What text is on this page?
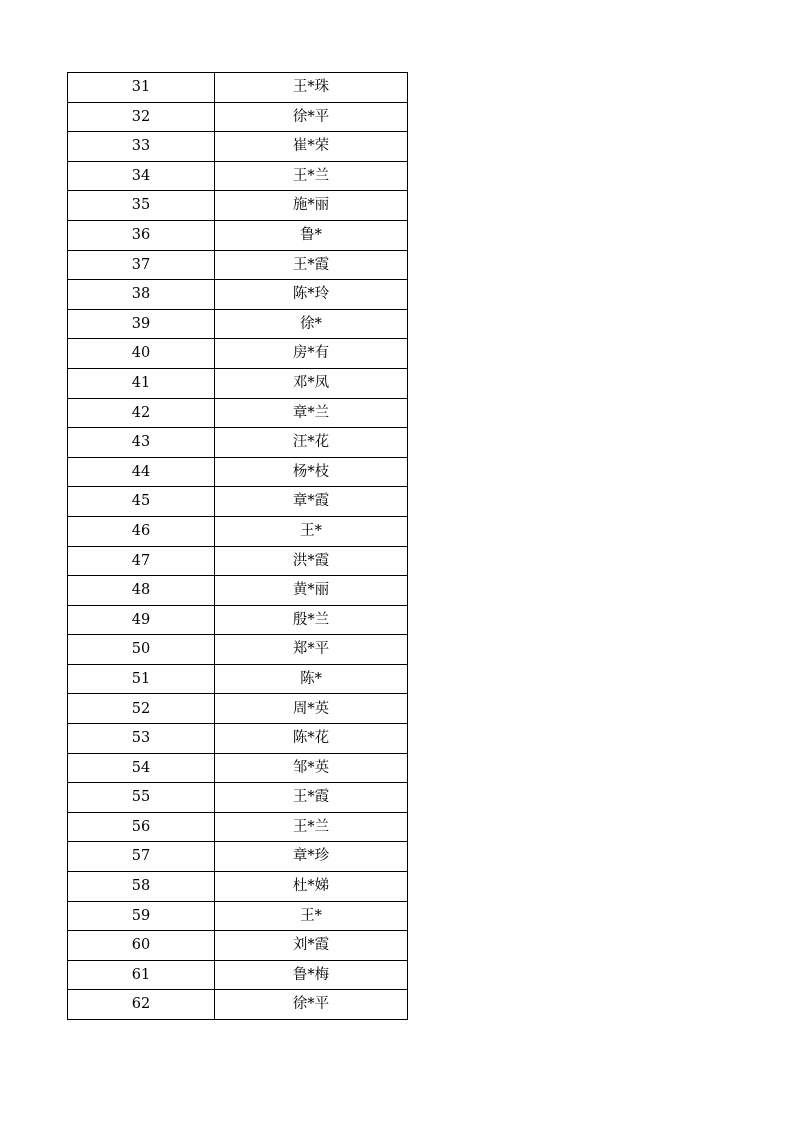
31	王*珠
32	徐*平
33	崔*荣
34	王*兰
35	施*丽
36	鲁*
37	王*霞
38	陈*玲
39	徐*
40	房*有
41	邓*凤
42	章*兰
43	汪*花
44	杨*枝
45	章*霞
46	王*
47	洪*霞
48	黄*丽
49	殷*兰
50	郑*平
51	陈*
52	周*英
53	陈*花
54	邹*英
55	王*霞
56	王*兰
57	章*珍
58	杜*娣
59	王*
60	刘*霞
61	鲁*梅
62	徐*平
